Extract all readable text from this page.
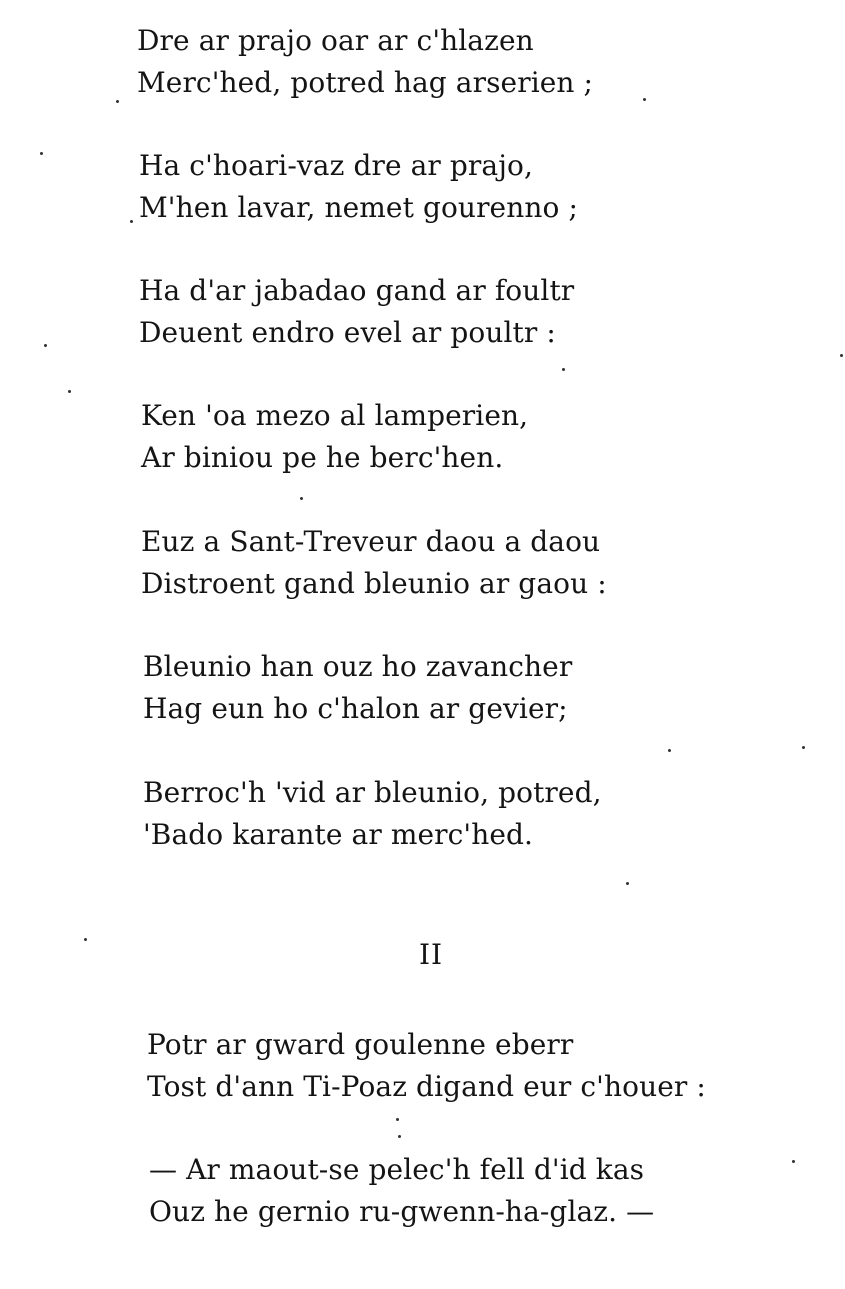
Dre ar prajo oar ar c'hlazen
Merc'hed, potred hag arserien ;
Ha c'hoari-vaz dre ar prajo,
M'hen lavar, nemet gourenno ;
Ha d'ar jabadao gand ar foultr
Deuent endro evel ar poultr :
Ken 'oa mezo al lamperien,
Ar biniou pe he berc'hen.
Euz a Sant-Treveur daou a daou
Distroent gand bleunio ar gaou :
Bleunio han ouz ho zavancher
Hag eun ho c'halon ar gevier;
Berroc'h 'vid ar bleunio, potred,
'Bado karante ar merc'hed.
II
Potr ar gward goulenne eberr
Tost d'ann Ti-Poaz digand eur c'houer :
— Ar maout-se pelec'h fell d'id kas
Ouz he gernio ru-gwenn-ha-glaz. —
